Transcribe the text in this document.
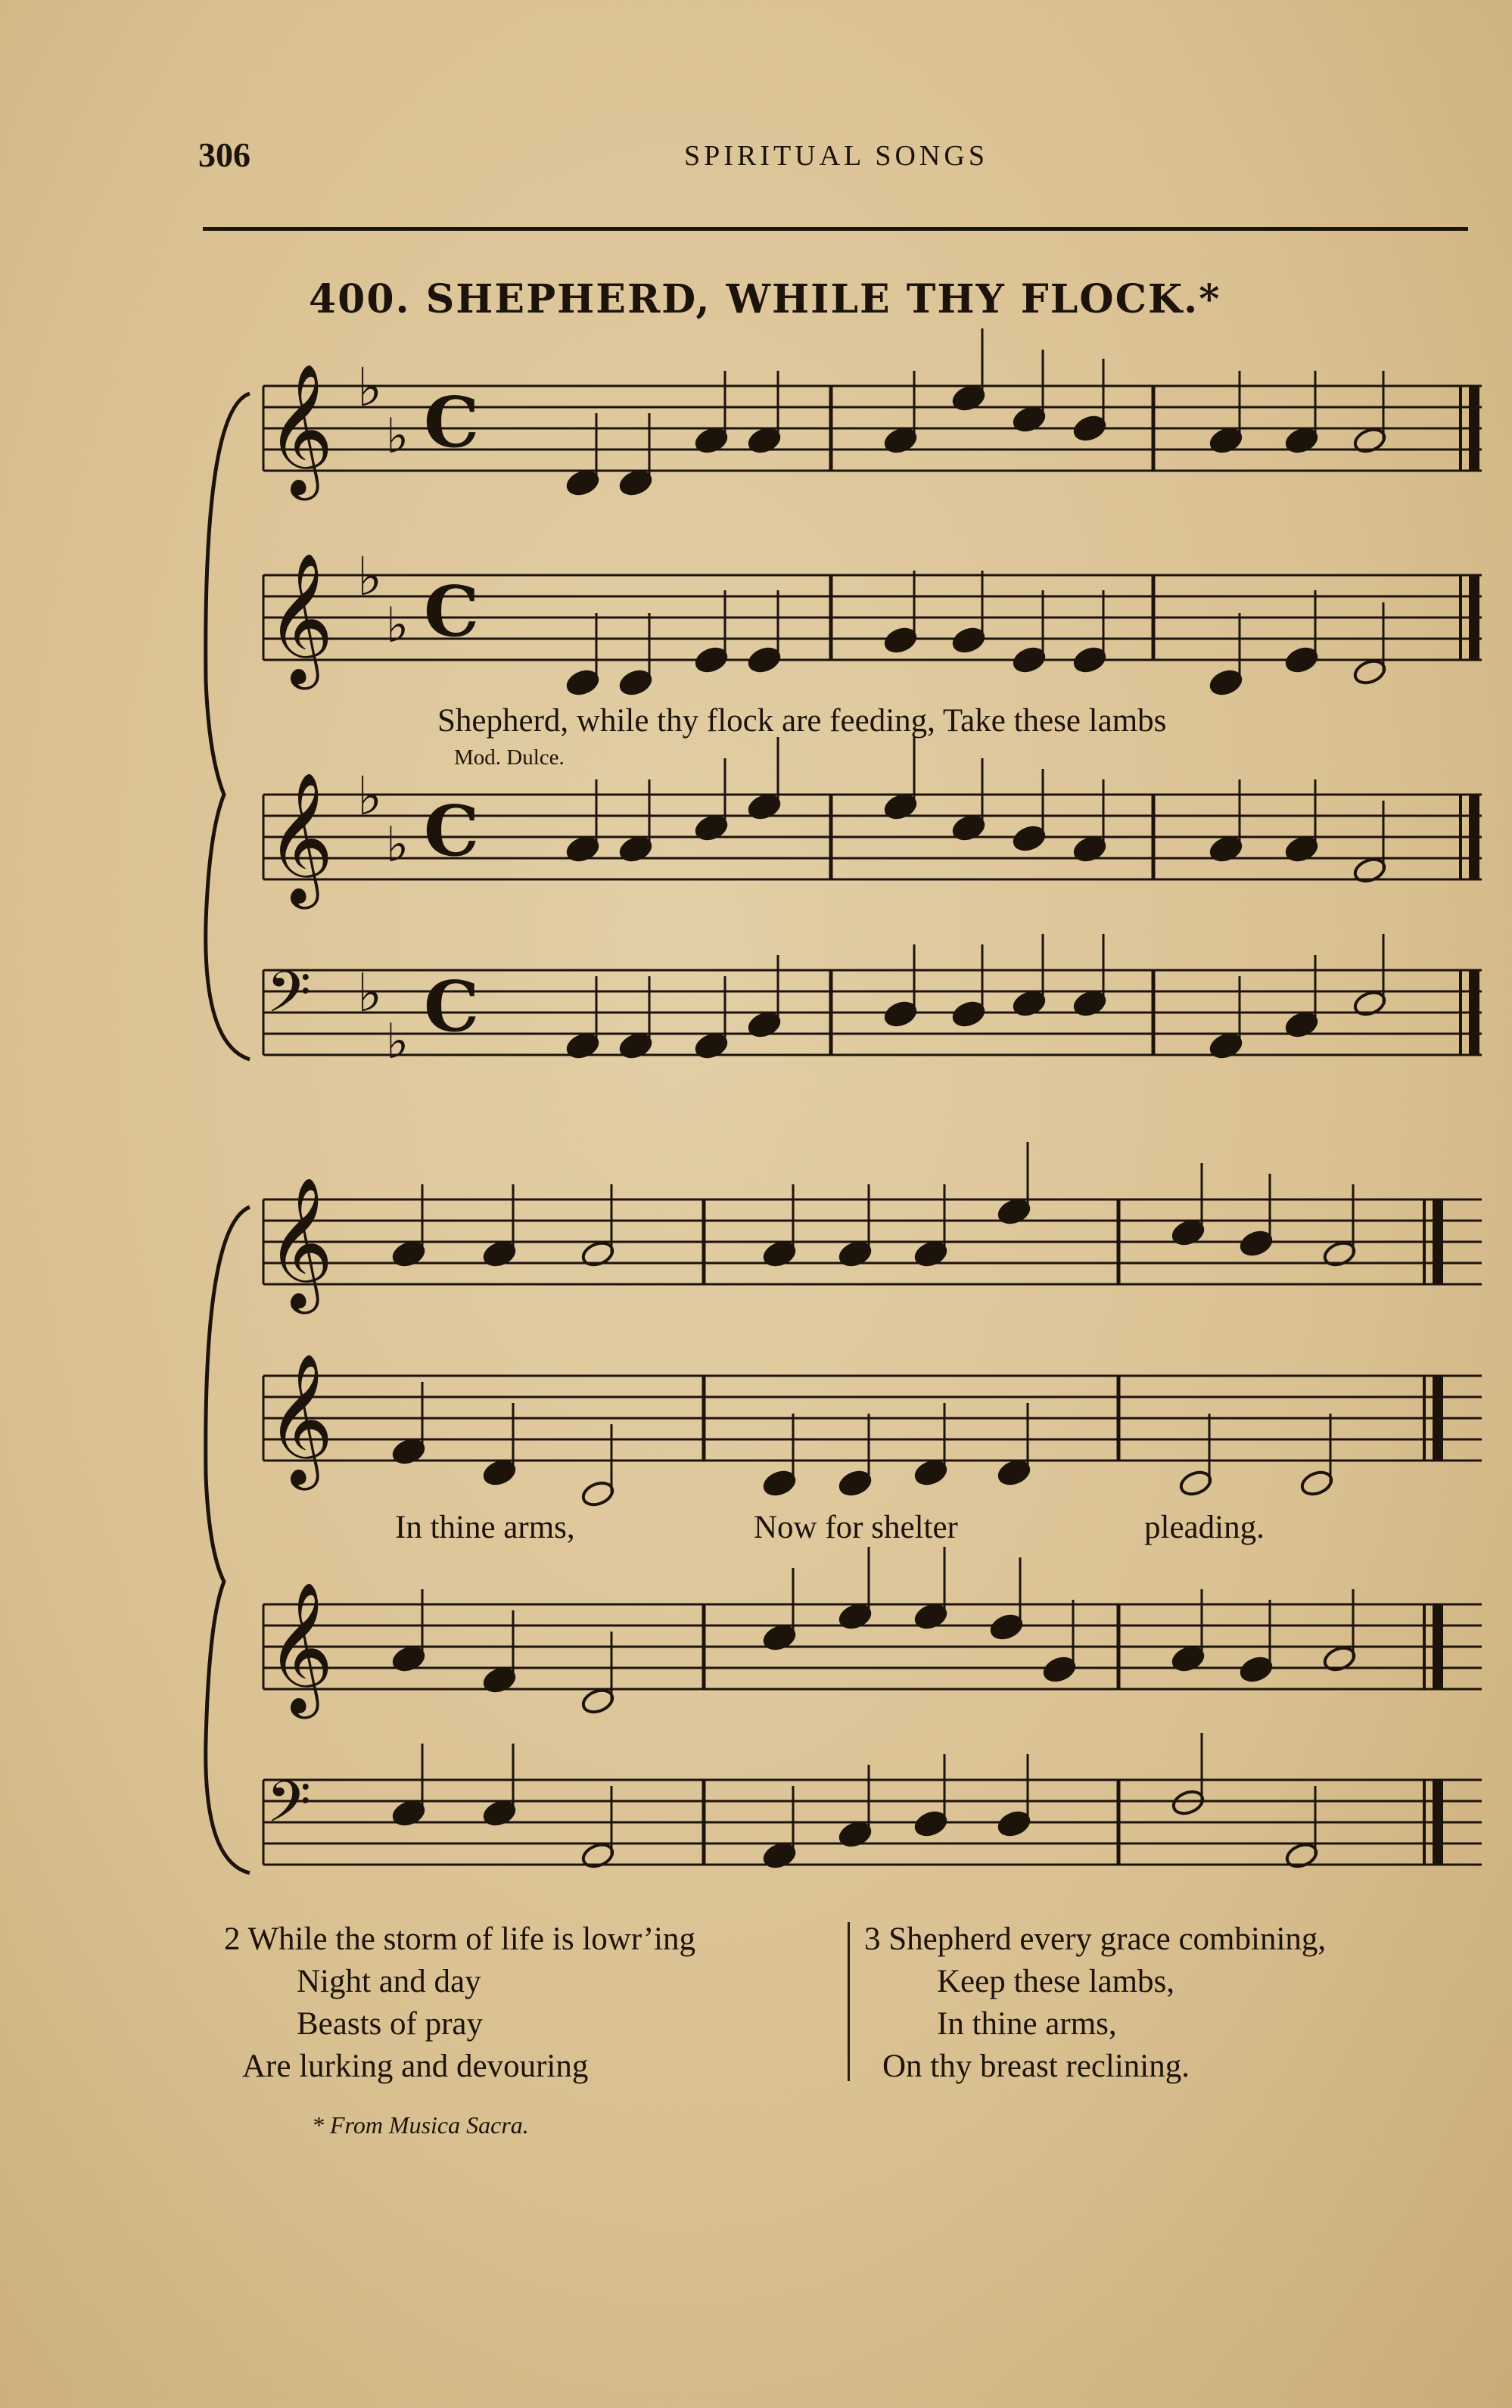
306	SPIRITUAL SONGS
400. SHEPHERD, WHILE THY FLOCK.*
𝄞 ♭
♭ C
𝄞 ♭
♭ C
𝄞 ♭
♭ C
𝄢 ♭
♭ C
𝄞
𝄞
𝄞
𝄢
Shepherd, while thy flock are feeding, Take these lambs
Mod. Dulce.
In thine arms,	Now for shelter	pleading.
2 While the storm of life is lowr’ing
Night and day
Beasts of pray
Are lurking and devouring
3 Shepherd every grace combining,
Keep these lambs,
In thine arms,
On thy breast reclining.
* From Musica Sacra.
